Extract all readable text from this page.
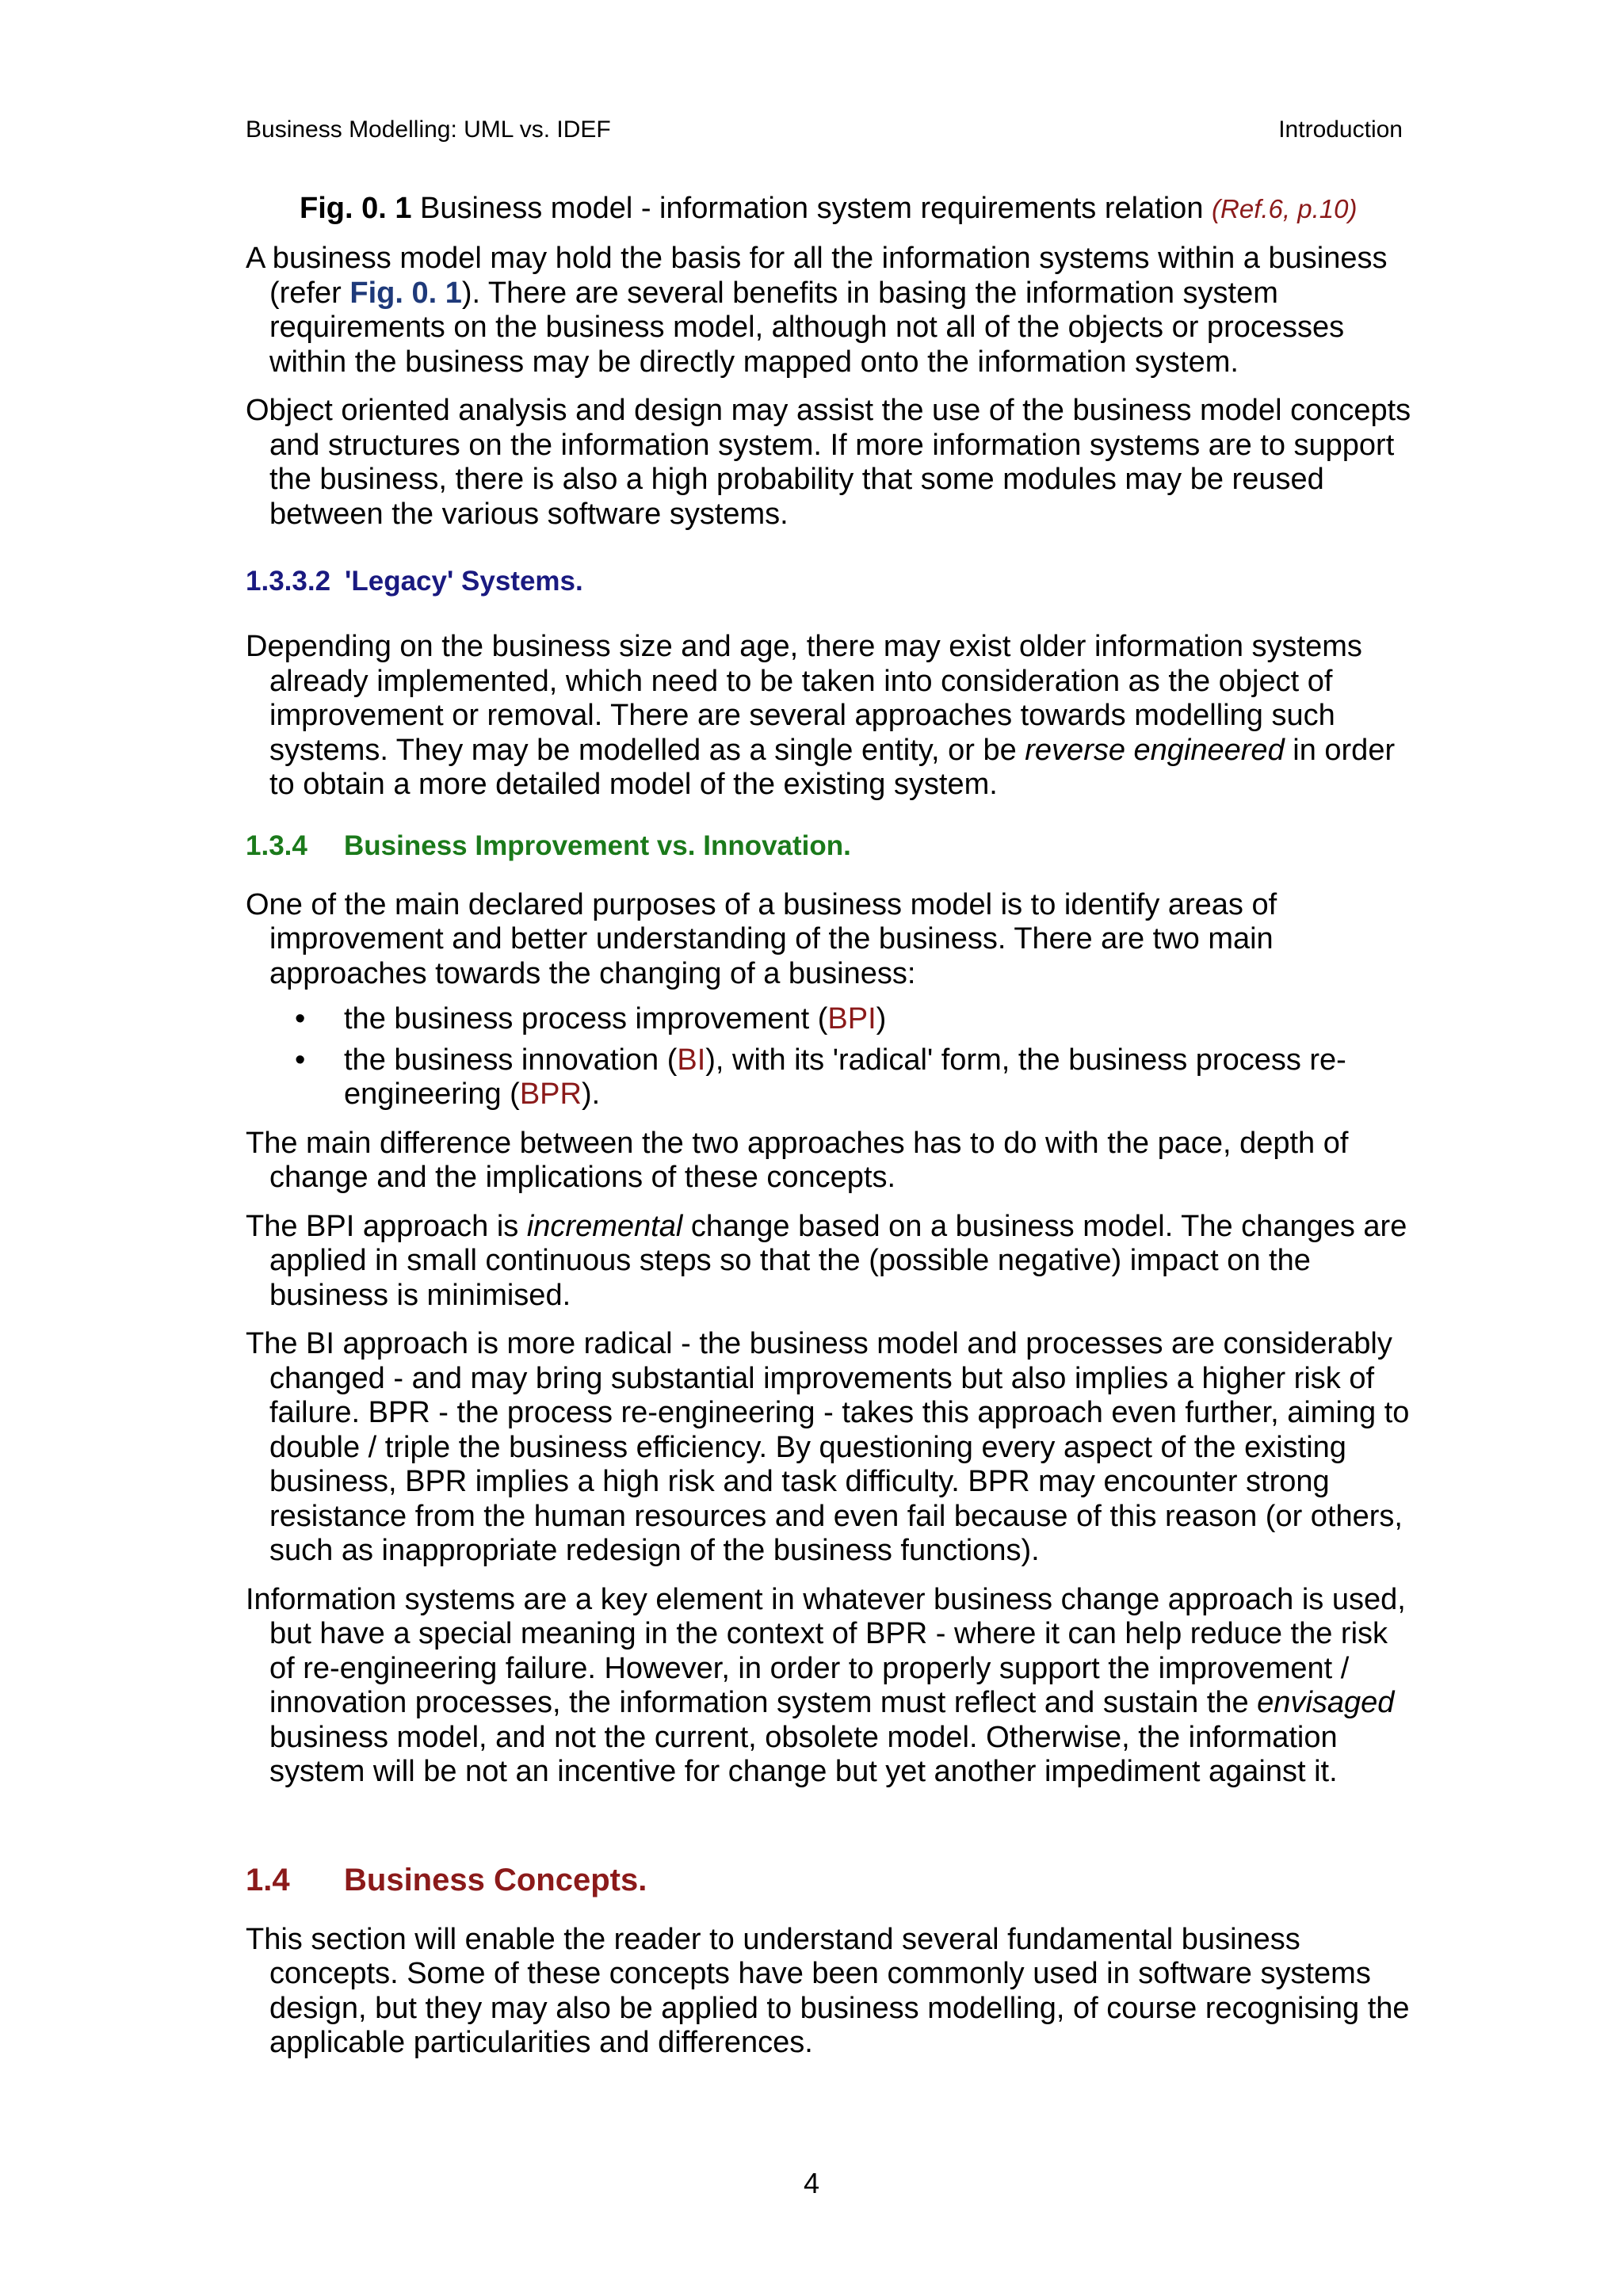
Business Modelling: UML vs. IDEF	Introduction
Fig. 0. 1 Business model - information system requirements relation (Ref.6, p.10)

A business model may hold the basis for all the information systems within a business (refer Fig. 0. 1). There are several benefits in basing the information system requirements on the business model, although not all of the objects or processes within the business may be directly mapped onto the information system.

Object oriented analysis and design may assist the use of the business model concepts and structures on the information system. If more information systems are to support the business, there is also a high probability that some modules may be reused between the various software systems.

1.3.3.2 'Legacy' Systems.

Depending on the business size and age, there may exist older information systems already implemented, which need to be taken into consideration as the object of improvement or removal. There are several approaches towards modelling such systems. They may be modelled as a single entity, or be reverse engineered in order to obtain a more detailed model of the existing system.

1.3.4 Business Improvement vs. Innovation.

One of the main declared purposes of a business model is to identify areas of improvement and better understanding of the business. There are two main approaches towards the changing of a business:

• the business process improvement (BPI)
• the business innovation (BI), with its 'radical' form, the business process re-engineering (BPR).

The main difference between the two approaches has to do with the pace, depth of change and the implications of these concepts.

The BPI approach is incremental change based on a business model. The changes are applied in small continuous steps so that the (possible negative) impact on the business is minimised.

The BI approach is more radical - the business model and processes are considerably changed - and may bring substantial improvements but also implies a higher risk of failure. BPR - the process re-engineering - takes this approach even further, aiming to double / triple the business efficiency. By questioning every aspect of the existing business, BPR implies a high risk and task difficulty. BPR may encounter strong resistance from the human resources and even fail because of this reason (or others, such as inappropriate redesign of the business functions).

Information systems are a key element in whatever business change approach is used, but have a special meaning in the context of BPR - where it can help reduce the risk of re-engineering failure. However, in order to properly support the improvement / innovation processes, the information system must reflect and sustain the envisaged business model, and not the current, obsolete model. Otherwise, the information system will be not an incentive for change but yet another impediment against it.

1.4 Business Concepts.

This section will enable the reader to understand several fundamental business concepts. Some of these concepts have been commonly used in software systems design, but they may also be applied to business modelling, of course recognising the applicable particularities and differences.

4
